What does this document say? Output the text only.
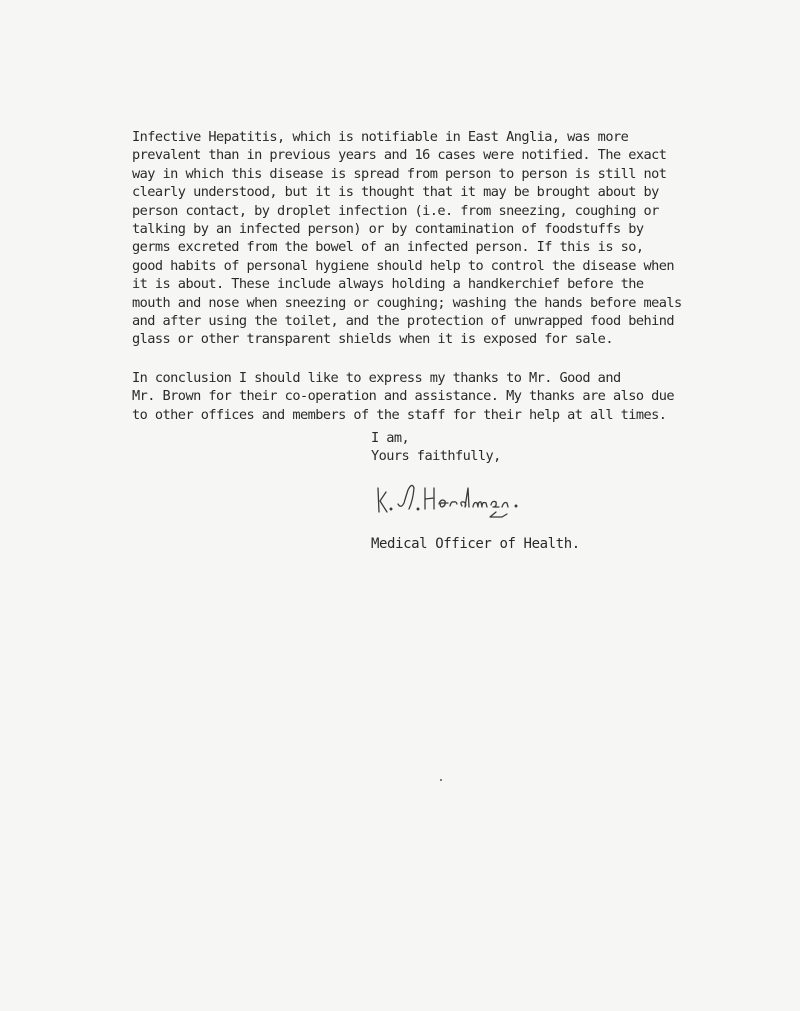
Infective Hepatitis, which is notifiable in East Anglia, was more
prevalent than in previous years and 16 cases were notified. The exact
way in which this disease is spread from person to person is still not
clearly understood, but it is thought that it may be brought about by
person contact, by droplet infection (i.e. from sneezing, coughing or
talking by an infected person) or by contamination of foodstuffs by
germs excreted from the bowel of an infected person. If this is so,
good habits of personal hygiene should help to control the disease when
it is about. These include always holding a handkerchief before the
mouth and nose when sneezing or coughing; washing the hands before meals
and after using the toilet, and the protection of unwrapped food behind
glass or other transparent shields when it is exposed for sale.
In conclusion I should like to express my thanks to Mr. Good and
Mr. Brown for their co-operation and assistance. My thanks are also due
to other offices and members of the staff for their help at all times.
I am,
Yours faithfully,
Medical Officer of Health.
